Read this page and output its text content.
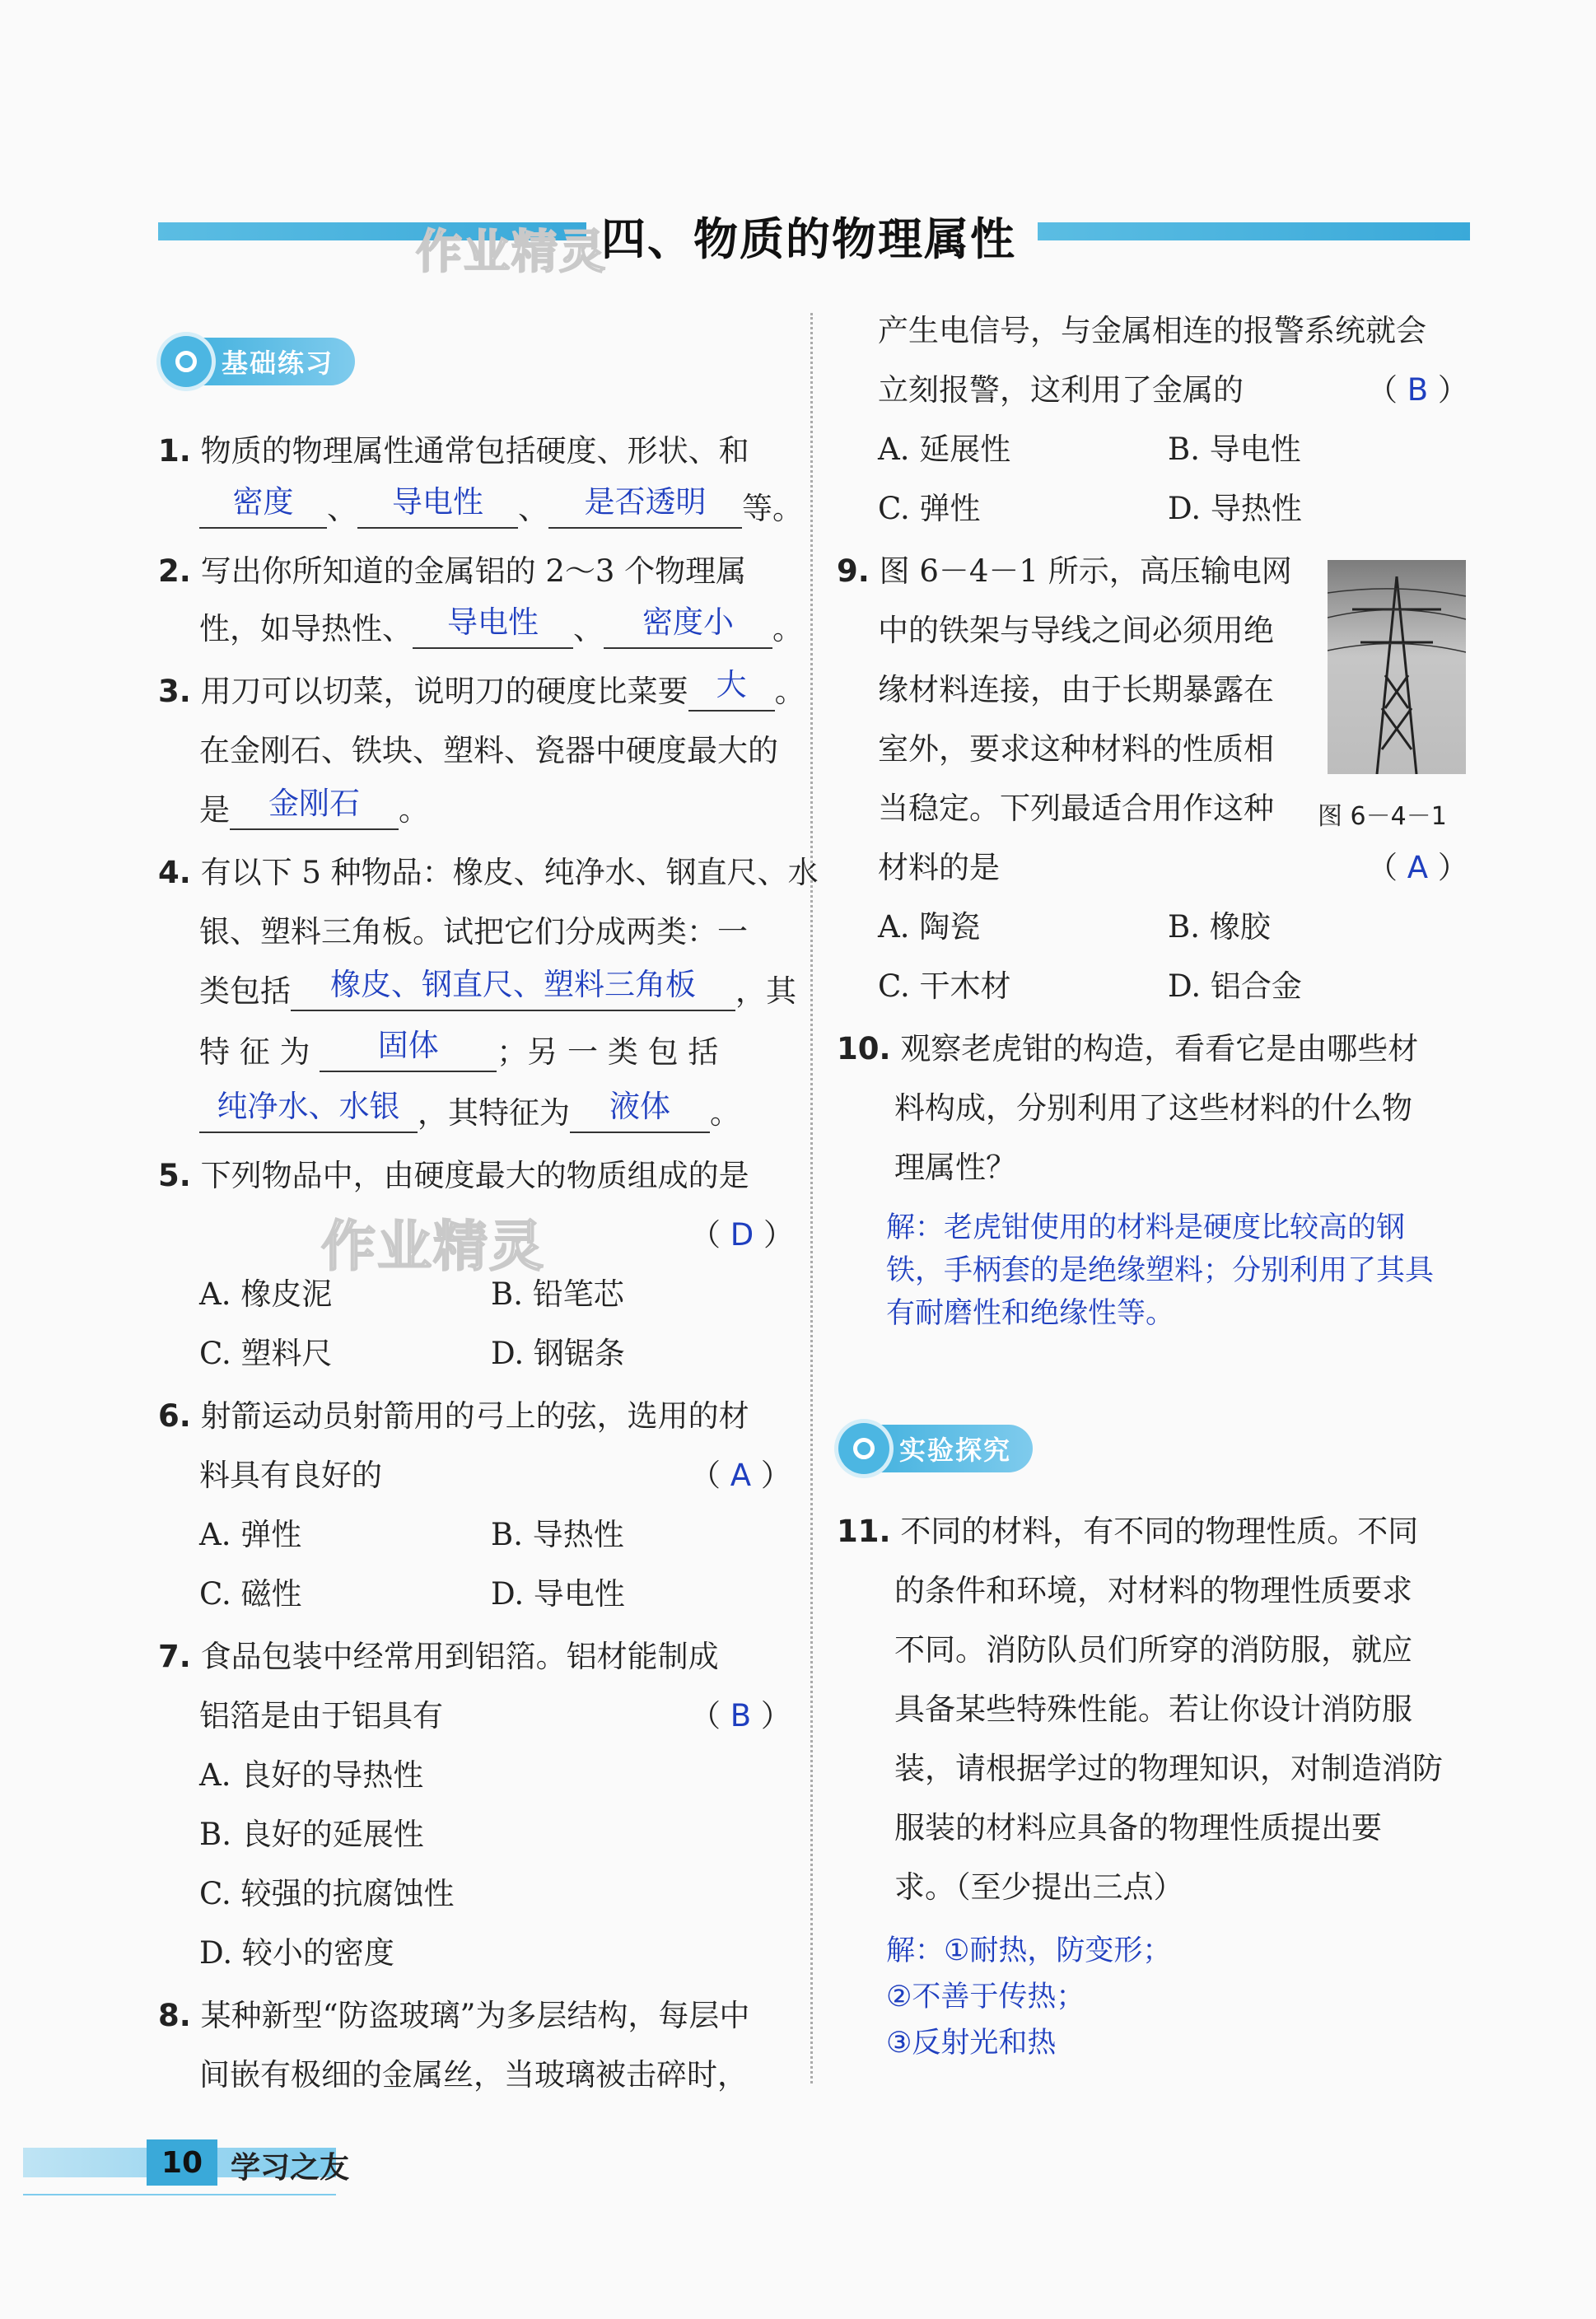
四、物质的物理属性
作业精灵
作业精灵
基础练习
1. 物质的物理属性通常包括硬度、形状、和
密度 、 导电性 、 是否透明 等。
2. 写出你所知道的金属铝的 2～3 个物理属
性，如导热性、 导电性 、 密度小 。
3. 用刀可以切菜，说明刀的硬度比菜要 大 。
在金刚石、铁块、塑料、瓷器中硬度最大的
是 金刚石 。
4. 有以下 5 种物品：橡皮、纯净水、钢直尺、水
银、塑料三角板。试把它们分成两类：一
类包括 橡皮、钢直尺、塑料三角板 ，其
特 征 为 固体 ；另 一 类 包 括
纯净水、水银 ，其特征为 液体 。
5. 下列物品中，由硬度最大的物质组成的是
（ D ）
A. 橡皮泥	B. 铅笔芯
C. 塑料尺	D. 钢锯条
6. 射箭运动员射箭用的弓上的弦，选用的材
料具有良好的	（ A ）
A. 弹性	B. 导热性
C. 磁性	D. 导电性
7. 食品包装中经常用到铝箔。铝材能制成
铝箔是由于铝具有	（ B ）
A. 良好的导热性
B. 良好的延展性
C. 较强的抗腐蚀性
D. 较小的密度
8. 某种新型“防盗玻璃”为多层结构，每层中
间嵌有极细的金属丝，当玻璃被击碎时，
产生电信号，与金属相连的报警系统就会
立刻报警，这利用了金属的	（ B ）
A. 延展性	B. 导电性
C. 弹性	D. 导热性
9. 图 6－4－1 所示，高压输电网
中的铁架与导线之间必须用绝
缘材料连接，由于长期暴露在
室外，要求这种材料的性质相
当稳定。下列最适合用作这种
材料的是	（ A ）
图 6－4－1
A. 陶瓷	B. 橡胶
C. 干木材	D. 铝合金
10. 观察老虎钳的构造，看看它是由哪些材
料构成，分别利用了这些材料的什么物
理属性？
解：老虎钳使用的材料是硬度比较高的钢
铁，手柄套的是绝缘塑料；分别利用了其具
有耐磨性和绝缘性等。
实验探究
11. 不同的材料，有不同的物理性质。不同
的条件和环境，对材料的物理性质要求
不同。消防队员们所穿的消防服，就应
具备某些特殊性能。若让你设计消防服
装，请根据学过的物理知识，对制造消防
服装的材料应具备的物理性质提出要
求。（至少提出三点）
解：①耐热，防变形；
②不善于传热；
③反射光和热
10 学习之友
